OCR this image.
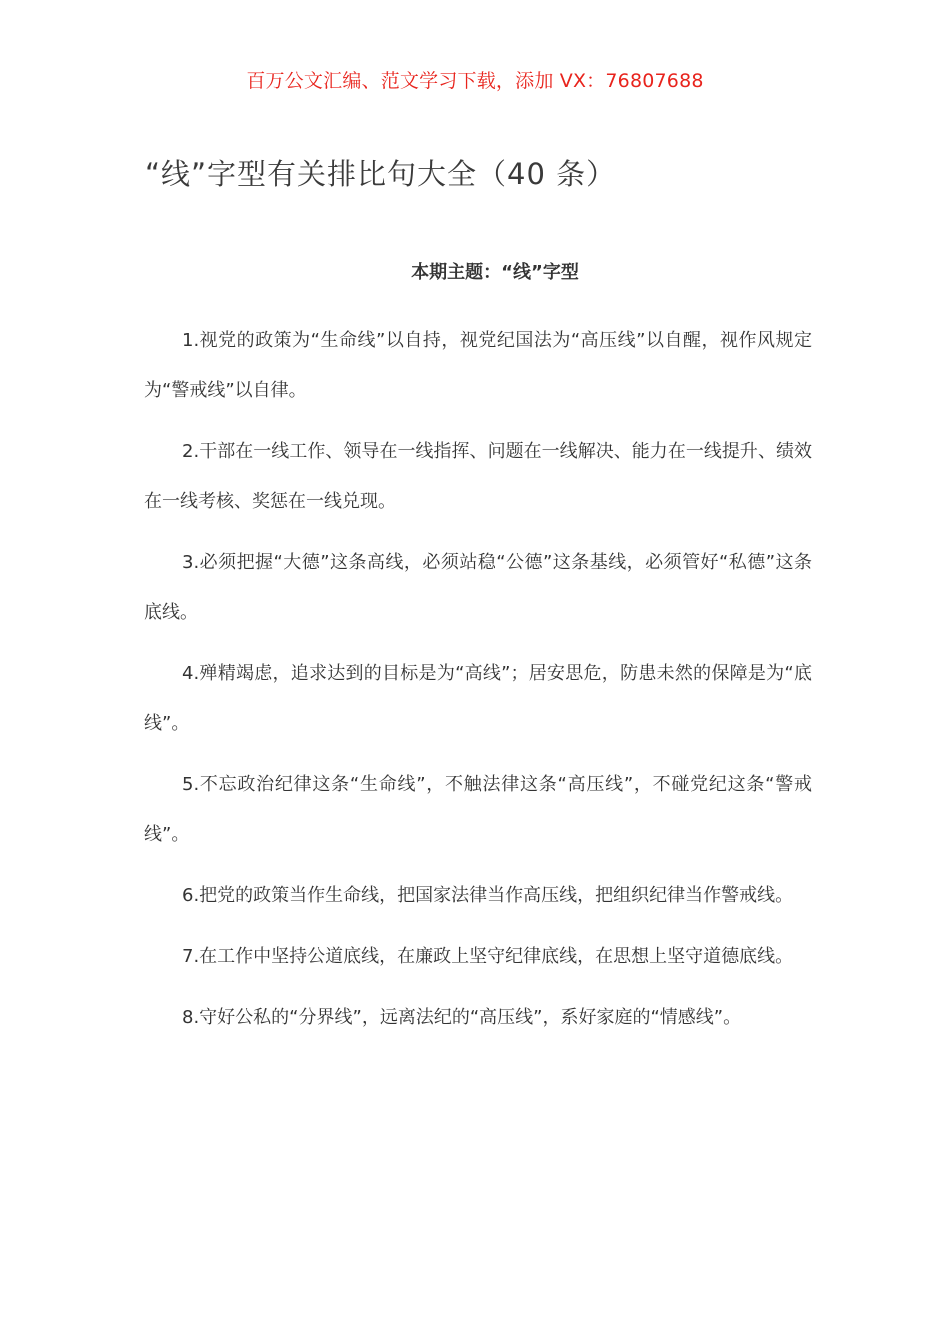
百万公文汇编、范文学习下载，添加 VX：76807688
“线”字型有关排比句大全（40 条）
本期主题：“线”字型

1.视党的政策为“生命线”以自持，视党纪国法为“高压线”以自醒，视作风规定为“警戒线”以自律。

2.干部在一线工作、领导在一线指挥、问题在一线解决、能力在一线提升、绩效在一线考核、奖惩在一线兑现。

3.必须把握“大德”这条高线，必须站稳“公德”这条基线，必须管好“私德”这条底线。

4.殚精竭虑，追求达到的目标是为“高线”；居安思危，防患未然的保障是为“底线”。

5.不忘政治纪律这条“生命线”，不触法律这条“高压线”，不碰党纪这条“警戒线”。

6.把党的政策当作生命线，把国家法律当作高压线，把组织纪律当作警戒线。

7.在工作中坚持公道底线，在廉政上坚守纪律底线，在思想上坚守道德底线。

8.守好公私的“分界线”，远离法纪的“高压线”，系好家庭的“情感线”。
